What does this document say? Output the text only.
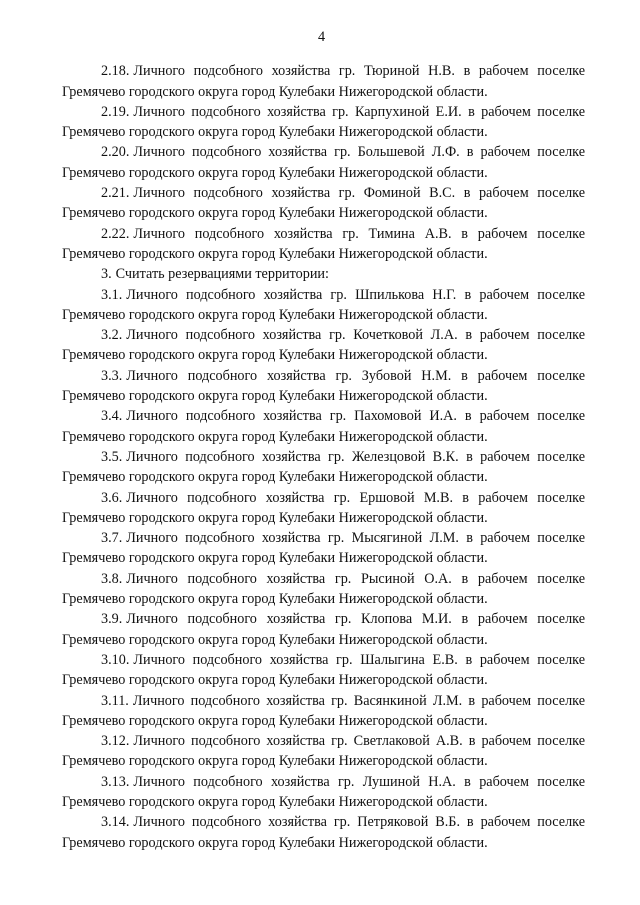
4

2.18. Личного подсобного хозяйства гр. Тюриной Н.В. в рабочем поселке Гремячево городского округа город Кулебаки Нижегородской области.

2.19. Личного подсобного хозяйства гр. Карпухиной Е.И. в рабочем поселке Гремячево городского округа город Кулебаки Нижегородской области.

2.20. Личного подсобного хозяйства гр. Большевой Л.Ф. в рабочем поселке Гремячево городского округа город Кулебаки Нижегородской области.

2.21. Личного подсобного хозяйства гр. Фоминой В.С. в рабочем поселке Гремячево городского округа город Кулебаки Нижегородской области.

2.22. Личного подсобного хозяйства гр. Тимина А.В. в рабочем поселке Гремячево городского округа город Кулебаки Нижегородской области.

3. Считать резервациями территории:

3.1. Личного подсобного хозяйства гр. Шпилькова Н.Г. в рабочем поселке Гремячево городского округа город Кулебаки Нижегородской области.

3.2. Личного подсобного хозяйства гр. Кочетковой Л.А. в рабочем поселке Гремячево городского округа город Кулебаки Нижегородской области.

3.3. Личного подсобного хозяйства гр. Зубовой Н.М. в рабочем поселке Гремячево городского округа город Кулебаки Нижегородской области.

3.4. Личного подсобного хозяйства гр. Пахомовой И.А. в рабочем поселке Гремячево городского округа город Кулебаки Нижегородской области.

3.5. Личного подсобного хозяйства гр. Железцовой В.К. в рабочем поселке Гремячево городского округа город Кулебаки Нижегородской области.

3.6. Личного подсобного хозяйства гр. Ершовой М.В. в рабочем поселке Гремячево городского округа город Кулебаки Нижегородской области.

3.7. Личного подсобного хозяйства гр. Мысягиной Л.М. в рабочем поселке Гремячево городского округа город Кулебаки Нижегородской области.

3.8. Личного подсобного хозяйства гр. Рысиной О.А. в рабочем поселке Гремячево городского округа город Кулебаки Нижегородской области.

3.9. Личного подсобного хозяйства гр. Клопова М.И. в рабочем поселке Гремячево городского округа город Кулебаки Нижегородской области.

3.10. Личного подсобного хозяйства гр. Шалыгина Е.В. в рабочем поселке Гремячево городского округа город Кулебаки Нижегородской области.

3.11. Личного подсобного хозяйства гр. Васянкиной Л.М. в рабочем поселке Гремячево городского округа город Кулебаки Нижегородской области.

3.12. Личного подсобного хозяйства гр. Светлаковой А.В. в рабочем поселке Гремячево городского округа город Кулебаки Нижегородской области.

3.13. Личного подсобного хозяйства гр. Лушиной Н.А. в рабочем поселке Гремячево городского округа город Кулебаки Нижегородской области.

3.14. Личного подсобного хозяйства гр. Петряковой В.Б. в рабочем поселке Гремячево городского округа город Кулебаки Нижегородской области.
